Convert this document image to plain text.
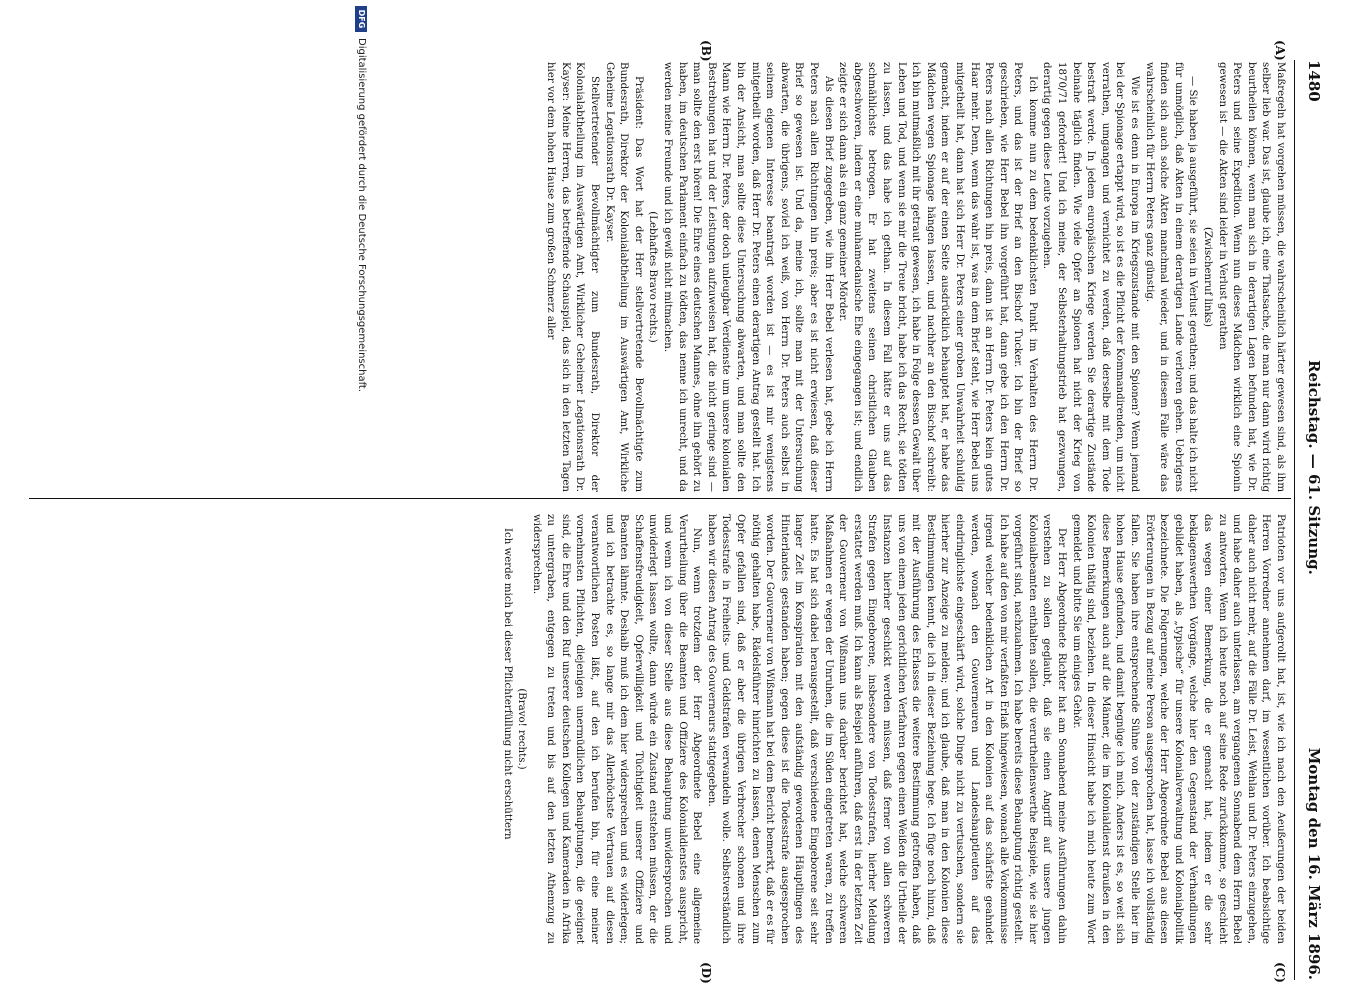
1480
Reichstag. — 61. Sitzung.
Montag den 16. März 1896.
(A)
(B)
(C)
(D)

Maßregeln hat vorgehen müssen, die wahrscheinlich härter gewesen sind, als ihm selber lieb war. Das ist, glaube ich, eine Thatsache, die man nur dann wird richtig beurtheilen können, wenn man sich in derartigen Lagen befunden hat, wie Dr. Peters und seine Expedition. Wenn nun dieses Mädchen wirklich eine Spionin gewesen ist — die Akten sind leider in Verlust gerathen

(Zwischenruf links)

— Sie haben ja ausgeführt, sie seien in Verlust gerathen; und das halte ich nicht für unmöglich, daß Akten in einem derartigen Lande verloren gehen. Uebrigens finden sich auch solche Akten manchmal wieder, und in diesem Falle wäre das wahrscheinlich für Herrn Peters ganz günstig.

Wie ist es denn in Europa im Kriegszustande mit den Spionen? Wenn jemand bei der Spionage ertappt wird, so ist es die Pflicht der Kommandirenden, um nicht verrathen, umgangen und vernichtet zu werden, daß derselbe mit dem Tode bestraft werde. In jedem europäischen Kriege werden Sie derartige Zustände beinahe täglich finden. Wie viele Opfer an Spionen hat nicht der Krieg von 1870/71 gefordert! Und ich meine, der Selbsterhaltungstrieb hat gezwungen, derartig gegen diese Leute vorzugehen.

Ich komme nun zu dem bedenklichsten Punkt im Verhalten des Herrn Dr. Peters, und das ist der Brief an den Bischof Tucker. Ich bin der Brief so geschrieben, wie Herr Bebel ihn vorgeführt hat, dann gebe ich den Herrn Dr. Peters nach allen Richtungen hin preis, dann ist an Herrn Dr. Peters kein gutes Haar mehr. Denn, wenn das wahr ist, was in dem Brief steht, wie Herr Bebel uns mitgetheilt hat, dann hat sich Herr Dr. Peters einer groben Unwahrheit schuldig gemacht, indem er auf der einen Seite ausdrücklich behauptet hat, er habe das Mädchen wegen Spionage hängen lassen, und nachher an den Bischof schreibt: ich bin mutmaßlich mit ihr getraut gewesen, ich habe in Folge dessen Gewalt über Leben und Tod, und wenn sie mir die Treue bricht, habe ich das Recht, sie tödten zu lassen, und das habe ich gethan. In diesem Fall hätte er uns auf das schmählichste betrogen. Er hat zweitens seinen christlichen Glauben abgeschworen, indem er eine muhamedanische Ehe eingegangen ist; und endlich zeigte er sich dann als ein ganz gemeiner Mörder.

Als diesen Brief zugegeben, wie ihn Herr Bebel verlesen hat, gebe ich Herrn Peters nach allen Richtungen hin preis; aber es ist nicht erwiesen, daß dieser Brief so gewesen ist. Und da, meine ich, sollte man mit der Untersuchung abwarten, die übrigens, soviel ich weiß, von Herrn Dr. Peters auch selbst in seinem eigenen Interesse beantragt worden ist — es ist mir wenigstens mitgetheilt worden, daß Herr Dr. Peters einen derartigen Antrag gestellt hat. Ich bin der Ansicht, man sollte diese Untersuchung abwarten, und man sollte den Mann wie Herrn Dr. Peters, der doch unleugbar Verdienste um unsere kolonialen Bestrebungen hat und der Leistungen aufzuweisen hat, die nicht geringe sind — man sollte den erst hören! Die Ehre eines deutschen Mannes, ohne ihn gehört zu haben, im deutschen Parlament einfach zu tödten, das nenne ich unrecht, und da werden meine Freunde und ich gewiß nicht mitmachen.

(Lebhaftes Bravo rechts.)

Präsident: Das Wort hat der Herr stellvertretende Bevollmächtigte zum Bundesrath, Direktor der Kolonialabtheilung im Auswärtigen Amt, Wirkliche Geheime Legationsrath Dr. Kayser.

Stellvertretender Bevollmächtigter zum Bundesrath, Direktor der Kolonialabtheilung im Auswärtigen Amt, Wirklicher Geheimer Legationsrath Dr. Kayser: Meine Herren, das betreffende Schauspiel, das sich in den letzten Tagen hier vor dem hohen Hause zum großen Schmerz aller

Patrioten vor uns aufgerollt hat, ist, wie ich nach den Aeußerungen der beiden Herren Vorredner annehmen darf, im wesentlichen vorüber. Ich beabsichtige daher auch nicht mehr, auf die Fälle Dr. Leist, Wehlan und Dr. Peters einzugehen, und habe daher auch unterlassen, am vergangenen Sonnabend dem Herrn Bebel zu antworten. Wenn ich heute noch auf seine Rede zurückkomme, so geschieht das wegen einer Bemerkung, die er gemacht hat, indem er die sehr beklagenswerthen Vorgänge, welche hier den Gegenstand der Verhandlungen gebildet haben, als „typische“ für unsere Kolonialverwaltung und Kolonialpolitik bezeichnete. Die Folgerungen, welche der Herr Abgeordnete Bebel aus diesen Erörterungen in Bezug auf meine Person ausgesprochen hat, lasse ich vollständig fallen. Sie haben ihre entsprechende Sühne von der zuständigen Stelle hier im hohen Hause gefunden, und damit begnüge ich mich. Anders ist es, so weit sich diese Bemerkungen auch auf die Männer, die im Kolonialdienst draußen in den Kolonien thätig sind, beziehen. In dieser Hinsicht habe ich mich heute zum Wort gemeldet und bitte Sie um einiges Gehör.

Der Herr Abgeordnete Richter hat am Sonnabend meine Ausführungen dahin verstehen zu sollen geglaubt, daß sie einen Angriff auf unsere jungen Kolonialbeamten enthalten sollen, die verurtheilenswerthe Beispiele, wie sie hier vorgeführt sind, nachzuahmen. Ich habe bereits diese Behauptung richtig gestellt. Ich habe auf den von mir verfaßten Erlaß hingewiesen, wonach alle Vorkommnisse irgend welcher bedenklichen Art in den Kolonien auf das schärfste geahndet werden, wonach den Gouverneuren und Landeshauptleuten auf das eindringlichste eingeschärft wird, solche Dinge nicht zu vertuschen, sondern sie hierher zur Anzeige zu melden; und ich glaube, daß man in den Kolonien diese Bestimmungen kennt, die ich in dieser Beziehung hege. Ich füge noch hinzu, daß mit der Ausführung des Erlasses die weitere Bestimmung getroffen haben, daß uns von einem jeden gerichtlichen Verfahren gegen einen Weißen die Urtheile der Instanzen hierher geschickt werden müssen, daß ferner von allen schweren Strafen gegen Eingeborene, insbesondere von Todesstrafen, hierher Meldung erstattet werden muß. Ich kann als Beispiel anführen, daß erst in der letzten Zeit der Gouverneur von Wißmann uns darüber berichtet hat, welche schweren Maßnahmen er wegen der Unruhen, die im Süden eingetreten waren, zu treffen hatte. Es hat sich dabei herausgestellt, daß verschiedene Eingeborene seit sehr langer Zeit im Konspiration mit den aufständig gewordenen Häuptlingen des Hinterlandes gestanden haben; gegen diese ist die Todesstrafe ausgesprochen worden. Der Gouverneur von Wißmann hat bei dem Bericht bemerkt, daß er es für nöthig gehalten habe, Rädelsführer hinrichten zu lassen, denen Menschen zum Opfer gefallen sind, daß er aber die übrigen Verbrecher schonen und ihre Todesstrafe in Freiheits- und Geldstrafen verwandeln wolle. Selbstverständlich haben wir diesen Antrag des Gouverneurs stattgegeben.

Nun, wenn trotzdem der Herr Abgeordnete Bebel eine allgemeine Verurtheilung über die Beamten und Offiziere des Kolonialdienstes ausspricht, und wenn ich von dieser Stelle aus diese Behauptung unwidersprochen und unwiderlegt lassen wollte, dann würde ein Zustand entstehen müssen, der die Schaffensfreudigkeit, Opferwilligkeit und Tüchtigkeit unserer Offiziere und Beamten lähmte. Deshalb muß ich dem hier widersprechen und es widerlegen; und ich betrachte es, so lange mir das Allerhöchste Vertrauen auf diesen verantwortlichen Posten läßt, auf den ich berufen bin, für eine meiner vornehmsten Pflichten, diejenigen unermüdlichen Behauptungen, die geeignet sind, die Ehre und den Ruf unserer deutschen Kollegen und Kameraden in Afrika zu untergraben, entgegen zu treten und bis auf den letzten Athemzug zu widersprechen.

(Bravo! rechts.)

Ich werde mich bei dieser Pflichterfüllung nicht erschüttern

DFG
Digitalisierung gefördert durch die Deutsche Forschungsgemeinschaft.
